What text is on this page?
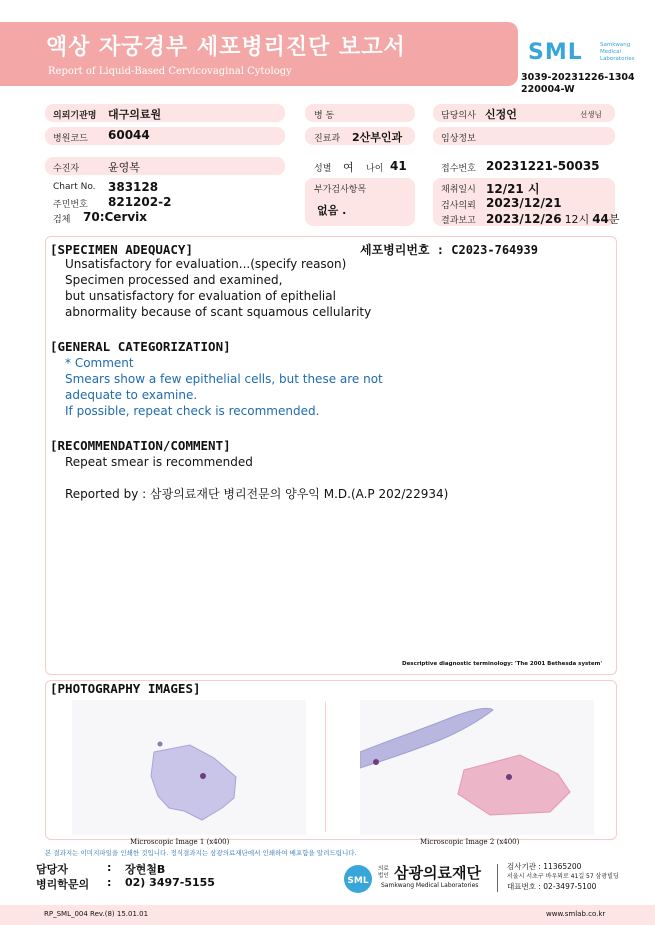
액상 자궁경부 세포병리진단 보고서
Report of Liquid-Based Cervicovaginal Cytology
SML	Samkwang Medical Laboratories
3039-20231226-1304
220004-W
의뢰기관명 대구의료원	병 동	담당의사 신정언	선생님
병원코드 60044	진료과 2산부인과	임상정보
수진자	윤영복	성별 여 나이 41	접수번호 20231221-50035
Chart No. 383128
주민번호 821202-2
검체 70:Cervix
부가검사항목
없음 .
채취일시 12/21 시
검사의뢰 2023/12/21
결과보고 2023/12/26 12시 44분
[SPECIMEN ADEQUACY]	세포병리번호 : C2023-764939
Unsatisfactory for evaluation...(specify reason)
Specimen processed and examined,
but unsatisfactory for evaluation of epithelial
abnormality because of scant squamous cellularity
[GENERAL CATEGORIZATION]
* Comment
Smears show a few epithelial cells, but these are not
adequate to examine.
If possible, repeat check is recommended.
[RECOMMENDATION/COMMENT]
Repeat smear is recommended
Reported by : 삼광의료재단 병리전문의 양우익 M.D.(A.P 202/22934)
Descriptive diagnostic terminology: 'The 2001 Bethesda system'
[PHOTOGRAPHY IMAGES]
Microscopic Image 1 (x400)	Microscopic Image 2 (x400)
본 결과지는 이미지파일을 인쇄한 것입니다. 정식결과지는 삼광의료재단에서 인쇄하여 배포함을 알려드립니다.
담당자	: 장현철B
병리학문의 : 02) 3497-5155	SML
의료 법인 삼광의료재단
Samkwang Medical Laboratories
검사기관 : 11365200
서울시 서초구 바우뫼로 41길 57 삼광빌딩
대표번호 : 02-3497-5100
RP_SML_004 Rev.(8) 15.01.01	www.smlab.co.kr
